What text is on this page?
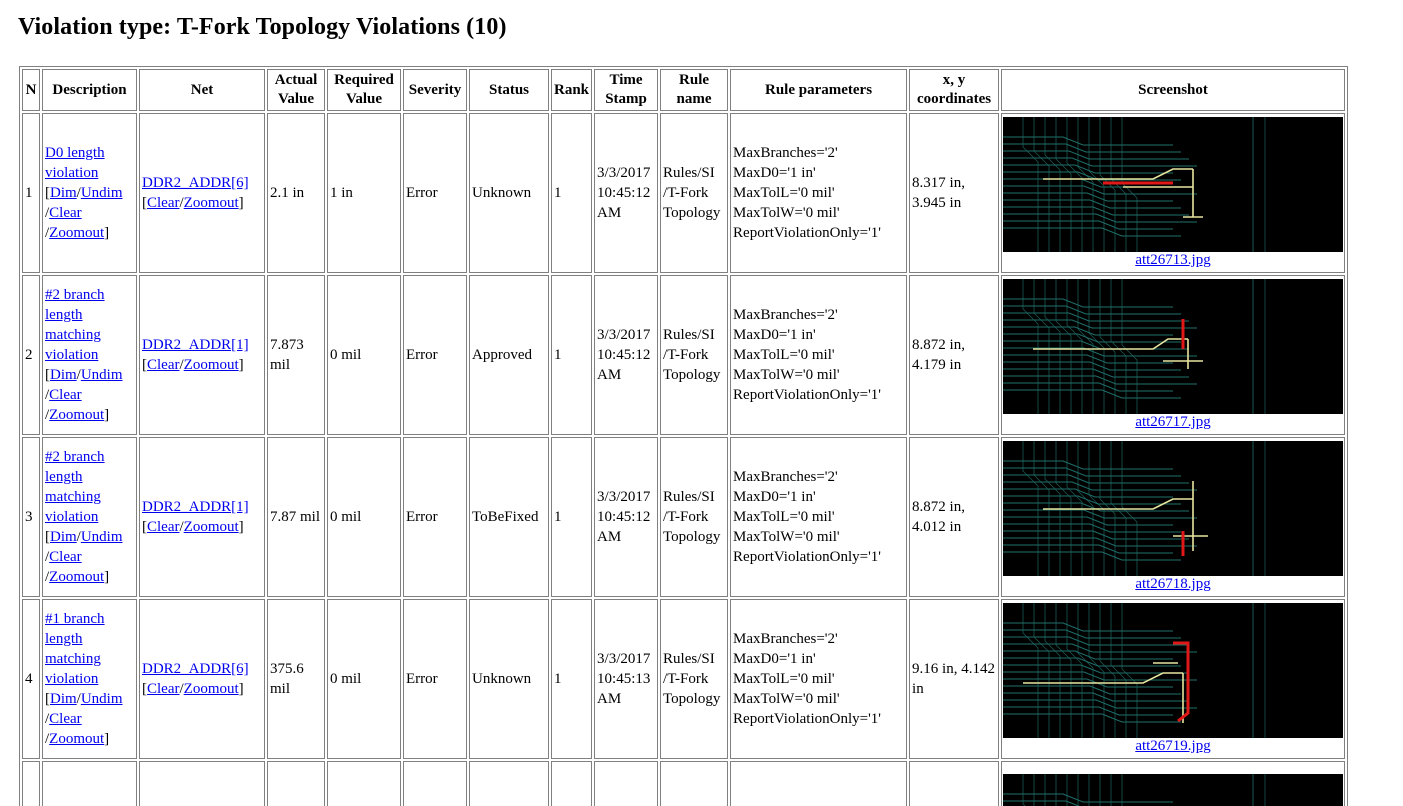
Violation type: T-Fork Topology Violations (10)
N	Description	Net	Actual Value	Required Value	Severity	Status	Rank	Time Stamp	Rule name	Rule parameters	x, y coordinates	Screenshot
1	D0 length violation
[Dim/Undim
/Clear
/Zoomout]	DDR2_ADDR[6]
[Clear/Zoomout]	2.1 in	1 in	Error	Unknown	1	3/3/2017 10:45:12 AM	Rules/SI /T-Fork Topology	MaxBranches='2'
MaxD0='1 in'
MaxTolL='0 mil'
MaxTolW='0 mil'
ReportViolationOnly='1'	8.317 in, 3.945 in	att26713.jpg

2	#2 branch length matching violation
[Dim/Undim
/Clear
/Zoomout]	DDR2_ADDR[1]
[Clear/Zoomout]	7.873 mil	0 mil	Error	Approved	1	3/3/2017 10:45:12 AM	Rules/SI /T-Fork Topology	MaxBranches='2'
MaxD0='1 in'
MaxTolL='0 mil'
MaxTolW='0 mil'
ReportViolationOnly='1'	8.872 in, 4.179 in	att26717.jpg

3	#2 branch length matching violation
[Dim/Undim
/Clear
/Zoomout]	DDR2_ADDR[1]
[Clear/Zoomout]	7.87 mil	0 mil	Error	ToBeFixed	1	3/3/2017 10:45:12 AM	Rules/SI /T-Fork Topology	MaxBranches='2'
MaxD0='1 in'
MaxTolL='0 mil'
MaxTolW='0 mil'
ReportViolationOnly='1'	8.872 in, 4.012 in	att26718.jpg

4	#1 branch length matching violation
[Dim/Undim
/Clear
/Zoomout]	DDR2_ADDR[6]
[Clear/Zoomout]	375.6 mil	0 mil	Error	Unknown	1	3/3/2017 10:45:13 AM	Rules/SI /T-Fork Topology	MaxBranches='2'
MaxD0='1 in'
MaxTolL='0 mil'
MaxTolW='0 mil'
ReportViolationOnly='1'	9.16 in, 4.142 in	att26719.jpg
